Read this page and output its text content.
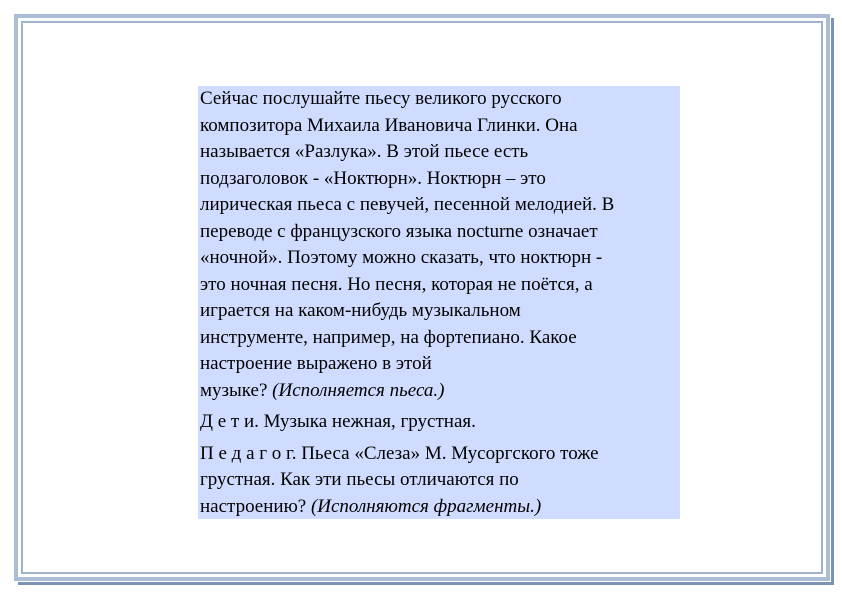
Сейчас послушайте пьесу великого русского
композитора Михаила Ивановича Глинки. Она
называется «Разлука». В этой пьесе есть
подзаголовок - «Ноктюрн». Ноктюрн – это
лирическая пьеса с певучей, песенной мелодией. В
переводе с французского языка nocturne означает
«ночной». Поэтому можно сказать, что ноктюрн -
это ночная песня. Но песня, которая не поётся, а
играется на каком-нибудь музыкальном
инструменте, например, на фортепиано. Какое
настроение выражено в этой
музыке? (Исполняется пьеса.)

Д е т и. Музыка нежная, грустная.

П е д а г о г. Пьеса «Слеза» М. Мусоргского тоже
грустная. Как эти пьесы отличаются по
настроению? (Исполняются фрагменты.)
